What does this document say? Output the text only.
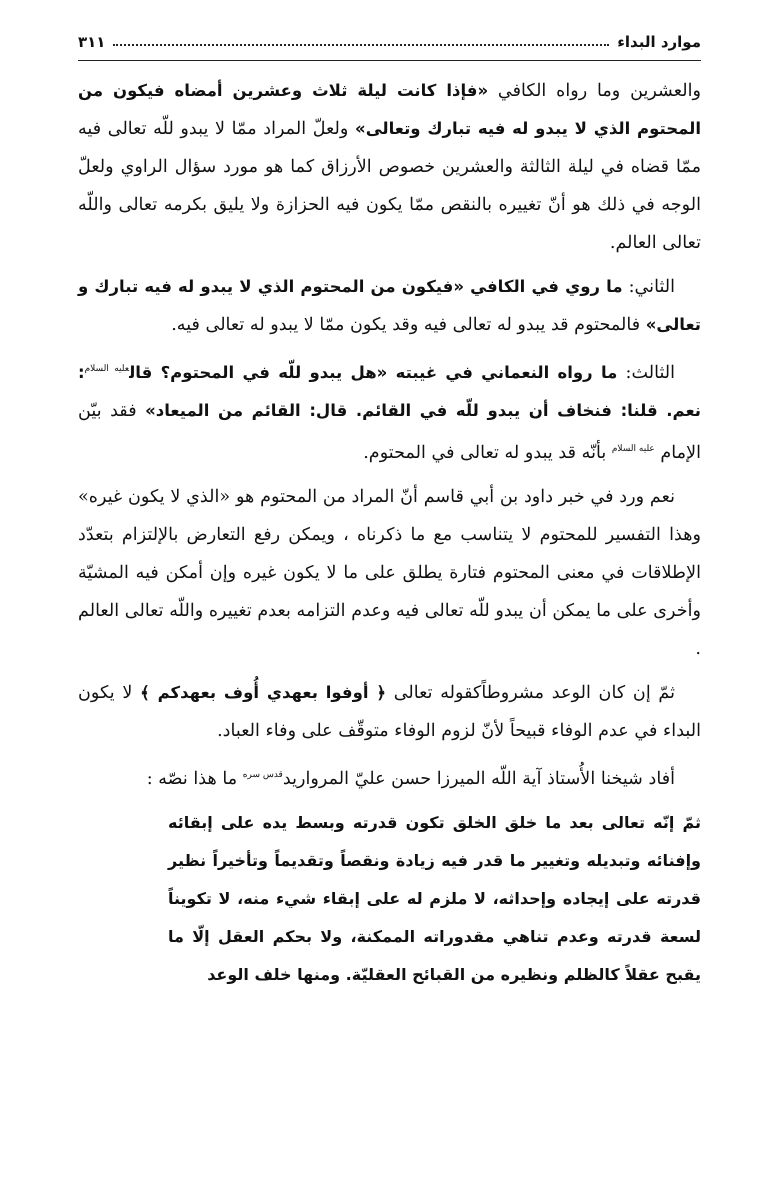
موارد البداء
٣١١

والعشرين وما رواه الكافي «فإذا كانت ليلة ثلاث وعشرين أمضاه فيكون من المحتوم الذي لا يبدو له فيه تبارك وتعالى» ولعلّ المراد ممّا لا يبدو للّه تعالى فيه ممّا قضاه في ليلة الثالثة والعشرين خصوص الأرزاق كما هو مورد سؤال الراوي ولعلّ الوجه في ذلك هو أنّ تغييره بالنقص ممّا يكون فيه الحزازة ولا يليق بكرمه تعالى واللّه تعالى العالم.

الثاني: ما روي في الكافي «فيكون من المحتوم الذي لا يبدو له فيه تبارك و تعالى» فالمحتوم قد يبدو له تعالى فيه وقد يكون ممّا لا يبدو له تعالى فيه.

الثالث: ما رواه النعماني في غيبته «هل يبدو للّه في المحتوم؟ قال$^{عليه السلام}$: نعم. قلنا: فنخاف أن يبدو للّه في القائم. قال: القائم من الميعاد» فقد بيّن الإمام $^{عليه السلام}$ بأنّه قد يبدو له تعالى في المحتوم.

نعم ورد في خبر داود بن أبي قاسم أنّ المراد من المحتوم هو «الذي لا يكون غيره» وهذا التفسير للمحتوم لا يتناسب مع ما ذكرناه ، ويمكن رفع التعارض بالإلتزام بتعدّد الإطلاقات في معنى المحتوم فتارة يطلق على ما لا يكون غيره وإن أمكن فيه المشيّة وأخرى على ما يمكن أن يبدو للّه تعالى فيه وعدم التزامه بعدم تغييره واللّه تعالى العالم .

ثمّ إن كان الوعد مشروطاًكقوله تعالى ﴿ أوفوا بعهدي أُوف بعهدكم ﴾ لا يكون البداء في عدم الوفاء قبيحاً لأنّ لزوم الوفاء متوقّف على وفاء العباد.

أفاد شيخنا الأُستاذ آية اللّه الميرزا حسن عليّ المرواريد$^{قدس سره}$ ما هذا نصّه :

ثمّ إنّه تعالى بعد ما خلق الخلق تكون قدرته وبسط يده على إبقائه وإفنائه وتبديله وتغيير ما قدر فيه زيادة ونقصاً وتقديماً وتأخيراً نظير قدرته على إيجاده وإحداثه، لا ملزم له على إبقاء شيء منه، لا تكويناً لسعة قدرته وعدم تناهي مقدوراته الممكنة، ولا بحكم العقل إلّا ما يقبح عقلاً كالظلم ونظيره من القبائح العقليّة. ومنها خلف الوعد
